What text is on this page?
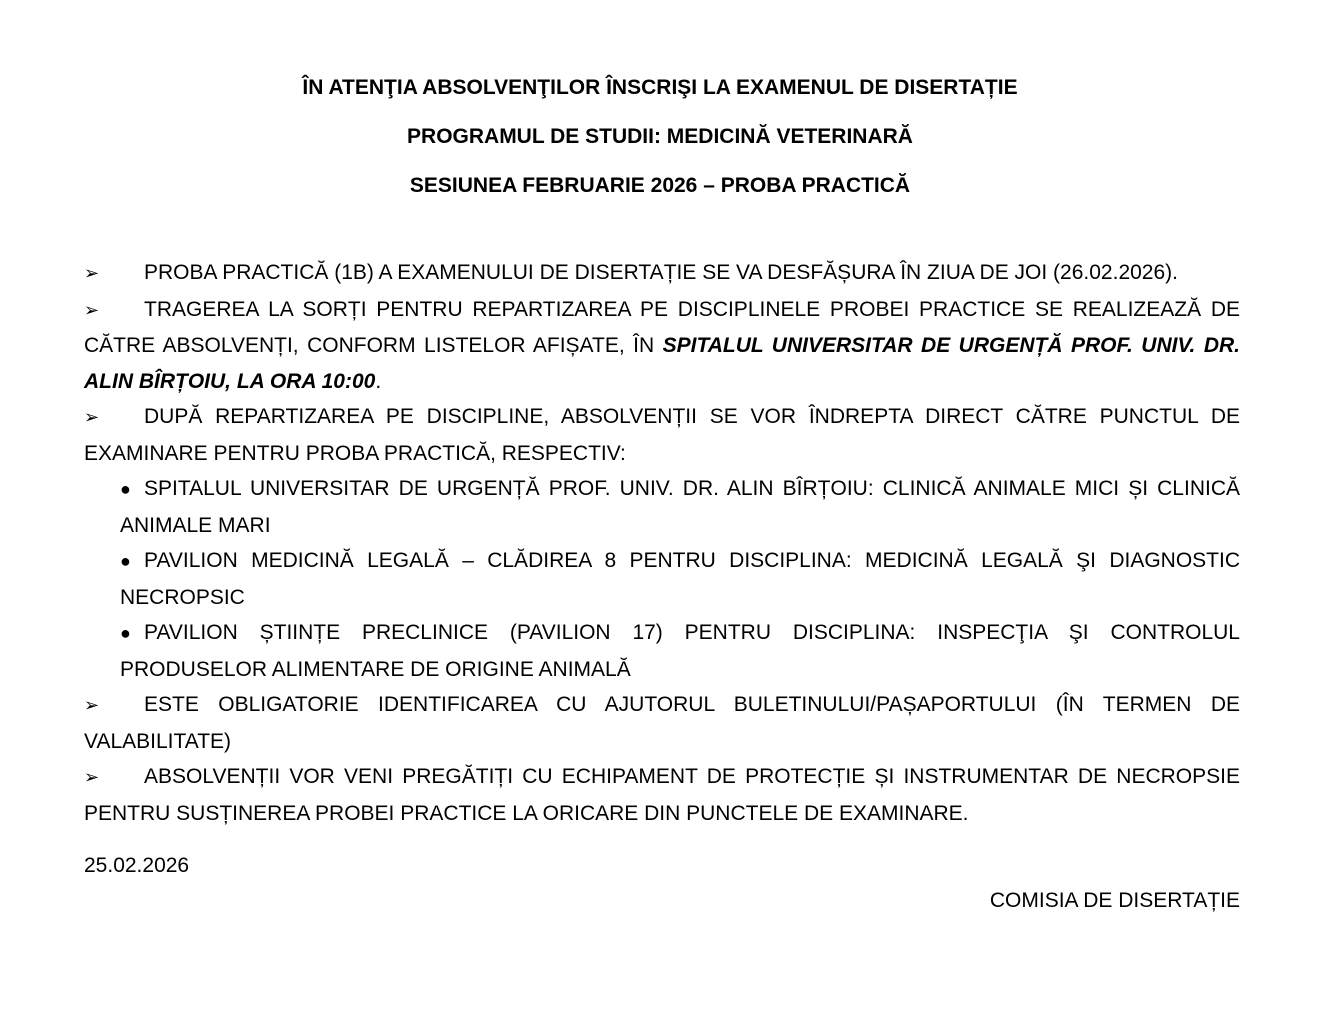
ÎN ATENŢIA ABSOLVENŢILOR ÎNSCRIŞI LA EXAMENUL DE DISERTAȚIE
PROGRAMUL DE STUDII: MEDICINĂ VETERINARĂ
SESIUNEA FEBRUARIE 2026 – PROBA PRACTICĂ

➢ PROBA PRACTICĂ (1B) A EXAMENULUI DE DISERTAȚIE SE VA DESFĂȘURA ÎN ZIUA DE JOI (26.02.2026).

➢ TRAGEREA LA SORȚI PENTRU REPARTIZAREA PE DISCIPLINELE PROBEI PRACTICE SE REALIZEAZĂ DE CĂTRE ABSOLVENȚI, CONFORM LISTELOR AFIȘATE, ÎN SPITALUL UNIVERSITAR DE URGENȚĂ PROF. UNIV. DR. ALIN BÎRȚOIU, LA ORA 10:00.

➢ DUPĂ REPARTIZAREA PE DISCIPLINE, ABSOLVENȚII SE VOR ÎNDREPTA DIRECT CĂTRE PUNCTUL DE EXAMINARE PENTRU PROBA PRACTICĂ, RESPECTIV:

● SPITALUL UNIVERSITAR DE URGENȚĂ PROF. UNIV. DR. ALIN BÎRȚOIU: CLINICĂ ANIMALE MICI ȘI CLINICĂ ANIMALE MARI

● PAVILION MEDICINĂ LEGALĂ – CLĂDIREA 8 PENTRU DISCIPLINA: MEDICINĂ LEGALĂ ŞI DIAGNOSTIC NECROPSIC

● PAVILION ȘTIINȚE PRECLINICE (PAVILION 17) PENTRU DISCIPLINA: INSPECŢIA ŞI CONTROLUL PRODUSELOR ALIMENTARE DE ORIGINE ANIMALĂ

➢ ESTE OBLIGATORIE IDENTIFICAREA CU AJUTORUL BULETINULUI/PAȘAPORTULUI (ÎN TERMEN DE VALABILITATE)

➢ ABSOLVENȚII VOR VENI PREGĂTIȚI CU ECHIPAMENT DE PROTECȚIE ȘI INSTRUMENTAR DE NECROPSIE PENTRU SUSȚINEREA PROBEI PRACTICE LA ORICARE DIN PUNCTELE DE EXAMINARE.

25.02.2026
COMISIA DE DISERTAȚIE
